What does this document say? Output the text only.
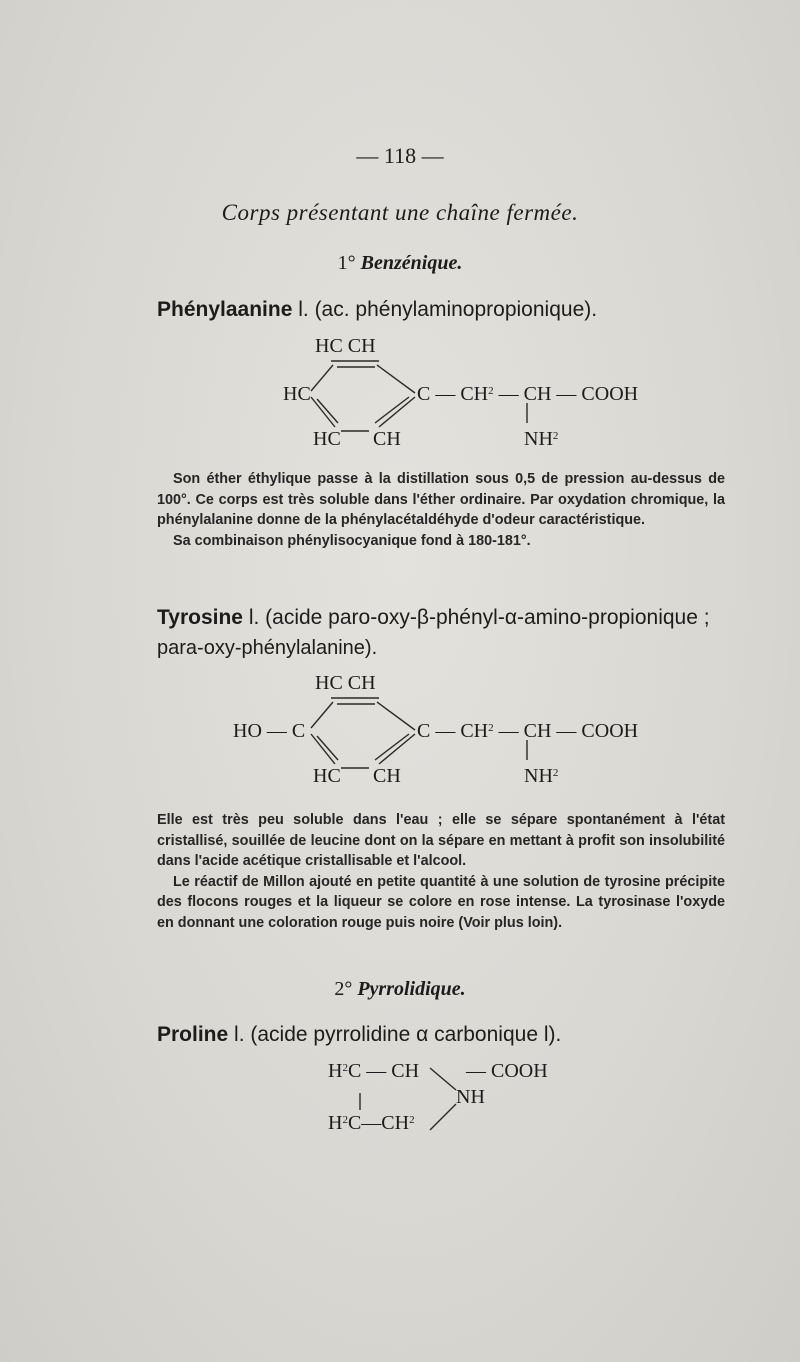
— 118 —
Corps présentant une chaîne fermée.
1° Benzénique.
Phénylaanine l. (ac. phénylaminopropionique).
HC CH
HC	C — $CH^2$ — CH — COOH
HC CH	$NH^2$

Son éther éthylique passe à la distillation sous 0,5 de pression au-dessus de 100°. Ce corps est très soluble dans l'éther ordinaire. Par oxydation chromique, la phénylalanine donne de la phénylacétaldéhyde d'odeur caractéristique.

Sa combinaison phénylisocyanique fond à 180-181°.

Tyrosine l. (acide paro-oxy-β-phényl-α-amino-propionique ;
para-oxy-phénylalanine).
HC CH
HO — C	C — $CH^2$ — CH — COOH
HC CH	$NH^2$

Elle est très peu soluble dans l'eau ; elle se sépare spontanément à l'état cristallisé, souillée de leucine dont on la sépare en mettant à profit son insolubilité dans l'acide acétique cristallisable et l'alcool.

Le réactif de Millon ajouté en petite quantité à une solution de tyrosine précipite des flocons rouges et la liqueur se colore en rose intense. La tyrosinase l'oxyde en donnant une coloration rouge puis noire (Voir plus loin).

2° Pyrrolidique.
Proline l. (acide pyrrolidine α carbonique l).
$H^2C$ — CH — COOH
NH
$H^2C—CH^2$
